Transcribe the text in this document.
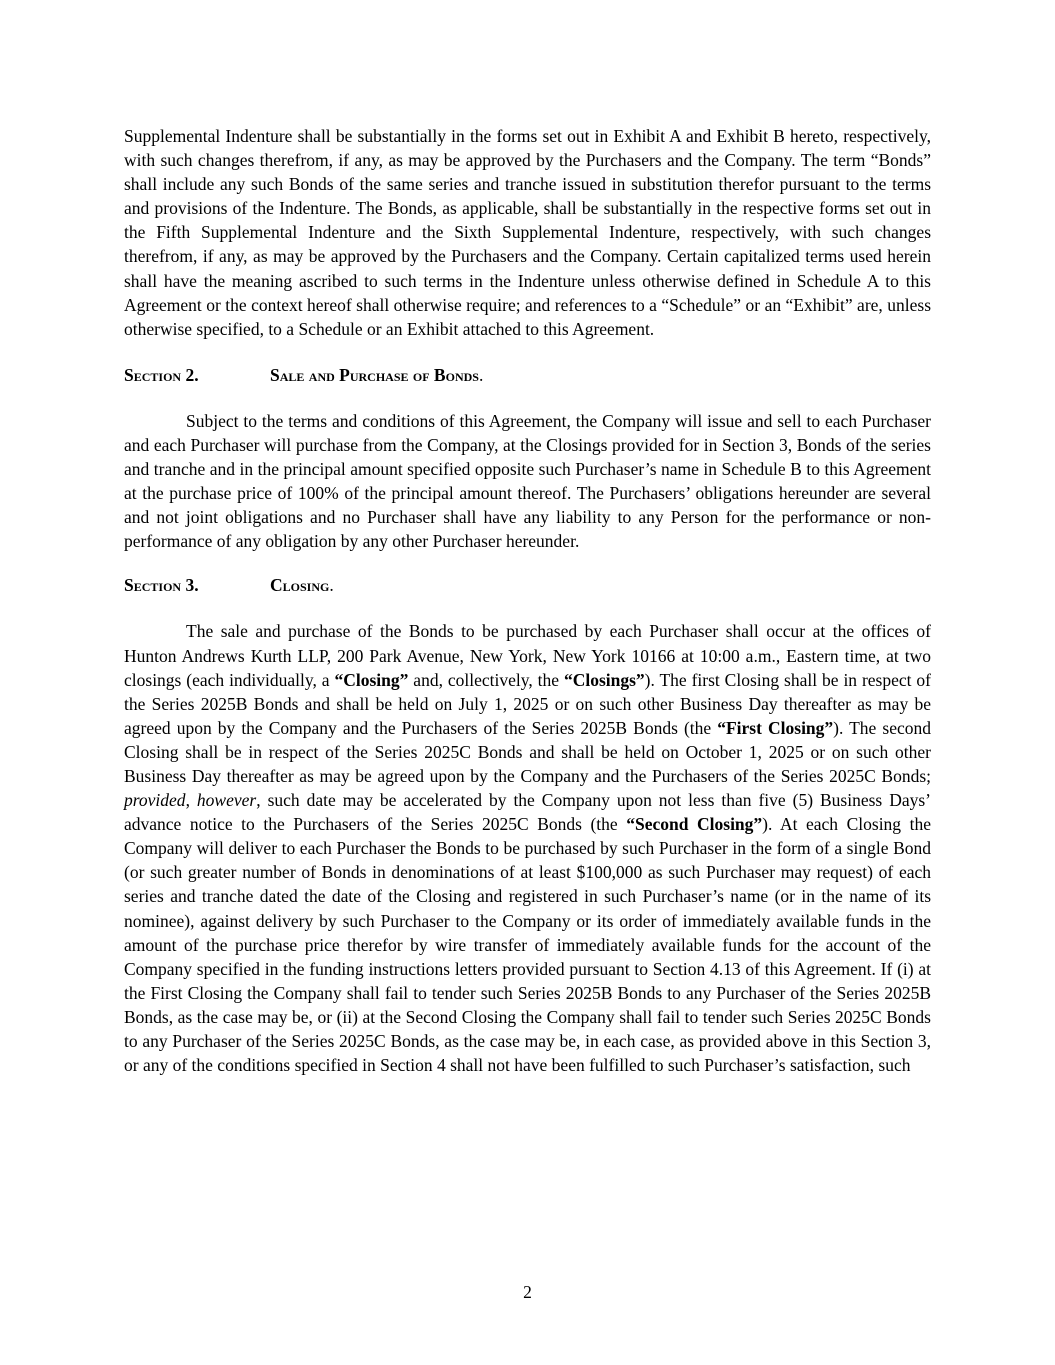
Supplemental Indenture shall be substantially in the forms set out in Exhibit A and Exhibit B hereto, respectively, with such changes therefrom, if any, as may be approved by the Purchasers and the Company. The term “Bonds” shall include any such Bonds of the same series and tranche issued in substitution therefor pursuant to the terms and provisions of the Indenture. The Bonds, as applicable, shall be substantially in the respective forms set out in the Fifth Supplemental Indenture and the Sixth Supplemental Indenture, respectively, with such changes therefrom, if any, as may be approved by the Purchasers and the Company. Certain capitalized terms used herein shall have the meaning ascribed to such terms in the Indenture unless otherwise defined in Schedule A to this Agreement or the context hereof shall otherwise require; and references to a “Schedule” or an “Exhibit” are, unless otherwise specified, to a Schedule or an Exhibit attached to this Agreement.

Section 2.	Sale and Purchase of Bonds.

Subject to the terms and conditions of this Agreement, the Company will issue and sell to each Purchaser and each Purchaser will purchase from the Company, at the Closings provided for in Section 3, Bonds of the series and tranche and in the principal amount specified opposite such Purchaser’s name in Schedule B to this Agreement at the purchase price of 100% of the principal amount thereof. The Purchasers’ obligations hereunder are several and not joint obligations and no Purchaser shall have any liability to any Person for the performance or non-performance of any obligation by any other Purchaser hereunder.

Section 3.	Closing.

The sale and purchase of the Bonds to be purchased by each Purchaser shall occur at the offices of Hunton Andrews Kurth LLP, 200 Park Avenue, New York, New York 10166 at 10:00 a.m., Eastern time, at two closings (each individually, a “Closing” and, collectively, the “Closings”). The first Closing shall be in respect of the Series 2025B Bonds and shall be held on July 1, 2025 or on such other Business Day thereafter as may be agreed upon by the Company and the Purchasers of the Series 2025B Bonds (the “First Closing”). The second Closing shall be in respect of the Series 2025C Bonds and shall be held on October 1, 2025 or on such other Business Day thereafter as may be agreed upon by the Company and the Purchasers of the Series 2025C Bonds; provided, however, such date may be accelerated by the Company upon not less than five (5) Business Days’ advance notice to the Purchasers of the Series 2025C Bonds (the “Second Closing”). At each Closing the Company will deliver to each Purchaser the Bonds to be purchased by such Purchaser in the form of a single Bond (or such greater number of Bonds in denominations of at least $100,000 as such Purchaser may request) of each series and tranche dated the date of the Closing and registered in such Purchaser’s name (or in the name of its nominee), against delivery by such Purchaser to the Company or its order of immediately available funds in the amount of the purchase price therefor by wire transfer of immediately available funds for the account of the Company specified in the funding instructions letters provided pursuant to Section 4.13 of this Agreement. If (i) at the First Closing the Company shall fail to tender such Series 2025B Bonds to any Purchaser of the Series 2025B Bonds, as the case may be, or (ii) at the Second Closing the Company shall fail to tender such Series 2025C Bonds to any Purchaser of the Series 2025C Bonds, as the case may be, in each case, as provided above in this Section 3, or any of the conditions specified in Section 4 shall not have been fulfilled to such Purchaser’s satisfaction, such

2
